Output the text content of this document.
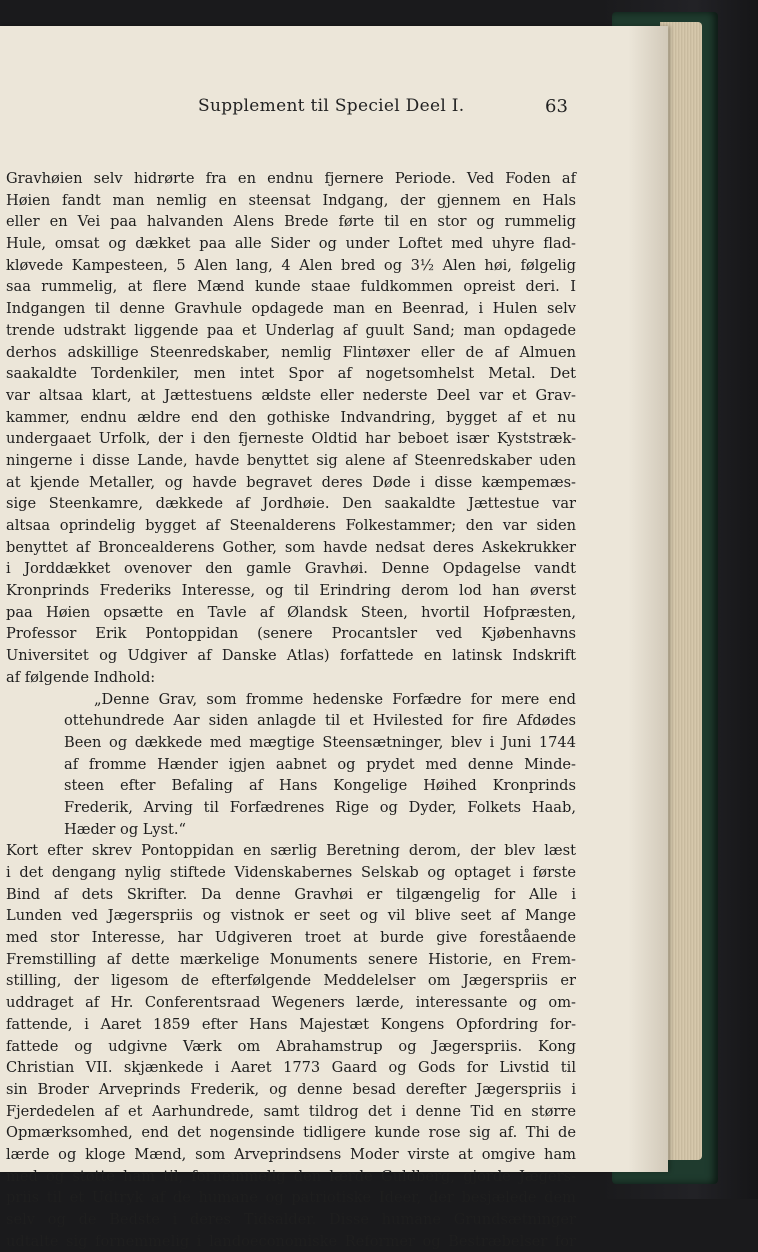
Supplement til Speciel Deel I.	63
Gravhøien selv hidrørte fra en endnu fjernere Periode. Ved Foden af
Høien fandt man nemlig en steensat Indgang, der gjennem en Hals
eller en Vei paa halvanden Alens Brede førte til en stor og rummelig
Hule, omsat og dækket paa alle Sider og under Loftet med uhyre flad-
kløvede Kampesteen, 5 Alen lang, 4 Alen bred og 3½ Alen høi, følgelig
saa rummelig, at flere Mænd kunde staae fuldkommen opreist deri. I
Indgangen til denne Gravhule opdagede man en Beenrad, i Hulen selv
trende udstrakt liggende paa et Underlag af guult Sand; man opdagede
derhos adskillige Steenredskaber, nemlig Flintøxer eller de af Almuen
saakaldte Tordenkiler, men intet Spor af nogetsomhelst Metal. Det
var altsaa klart, at Jættestuens ældste eller nederste Deel var et Grav-
kammer, endnu ældre end den gothiske Indvandring, bygget af et nu
undergaaet Urfolk, der i den fjerneste Oldtid har beboet især Kyststræk-
ningerne i disse Lande, havde benyttet sig alene af Steenredskaber uden
at kjende Metaller, og havde begravet deres Døde i disse kæmpemæs-
sige Steenkamre, dækkede af Jordhøie. Den saakaldte Jættestue var
altsaa oprindelig bygget af Steenalderens Folkestammer; den var siden
benyttet af Broncealderens Gother, som havde nedsat deres Askekrukker
i Jorddækket ovenover den gamle Gravhøi. Denne Opdagelse vandt
Kronprinds Frederiks Interesse, og til Erindring derom lod han øverst
paa Høien opsætte en Tavle af Ølandsk Steen, hvortil Hofpræsten,
Professor Erik Pontoppidan (senere Procantsler ved Kjøbenhavns
Universitet og Udgiver af Danske Atlas) forfattede en latinsk Indskrift
af følgende Indhold:
„Denne Grav, som fromme hedenske Forfædre for mere end
ottehundrede Aar siden anlagde til et Hvilested for fire Afdødes
Been og dækkede med mægtige Steensætninger, blev i Juni 1744
af fromme Hænder igjen aabnet og prydet med denne Minde-
steen efter Befaling af Hans Kongelige Høihed Kronprinds
Frederik, Arving til Forfædrenes Rige og Dyder, Folkets Haab,
Hæder og Lyst.“
Kort efter skrev Pontoppidan en særlig Beretning derom, der blev læst
i det dengang nylig stiftede Videnskabernes Selskab og optaget i første
Bind af dets Skrifter. Da denne Gravhøi er tilgængelig for Alle i
Lunden ved Jægerspriis og vistnok er seet og vil blive seet af Mange
med stor Interesse, har Udgiveren troet at burde give foreståaende
Fremstilling af dette mærkelige Monuments senere Historie, en Frem-
stilling, der ligesom de efterfølgende Meddelelser om Jægerspriis er
uddraget af Hr. Conferentsraad Wegeners lærde, interessante og om-
fattende, i Aaret 1859 efter Hans Majestæt Kongens Opfordring for-
fattede og udgivne Værk om Abrahamstrup og Jægerspriis. Kong
Christian VII. skjænkede i Aaret 1773 Gaard og Gods for Livstid til
sin Broder Arveprinds Frederik, og denne besad derefter Jægerspriis i
Fjerdedelen af et Aarhundrede, samt tildrog det i denne Tid en større
Opmærksomhed, end det nogensinde tidligere kunde rose sig af. Thi de
lærde og kloge Mænd, som Arveprindsens Moder virste at omgive ham
med og støtte ham til, fornemmelig den lærde Guldberg, gjorde Jægers-
priis til et Udtryk af de humane og patriotiske Ideer, der besjælede dem
selv og de Bedste i deres Tidsalder. Disse humane Grundsætninger
udtalte sig fornemmelig i landoeconomiske Reformer og Bestræbelser for
